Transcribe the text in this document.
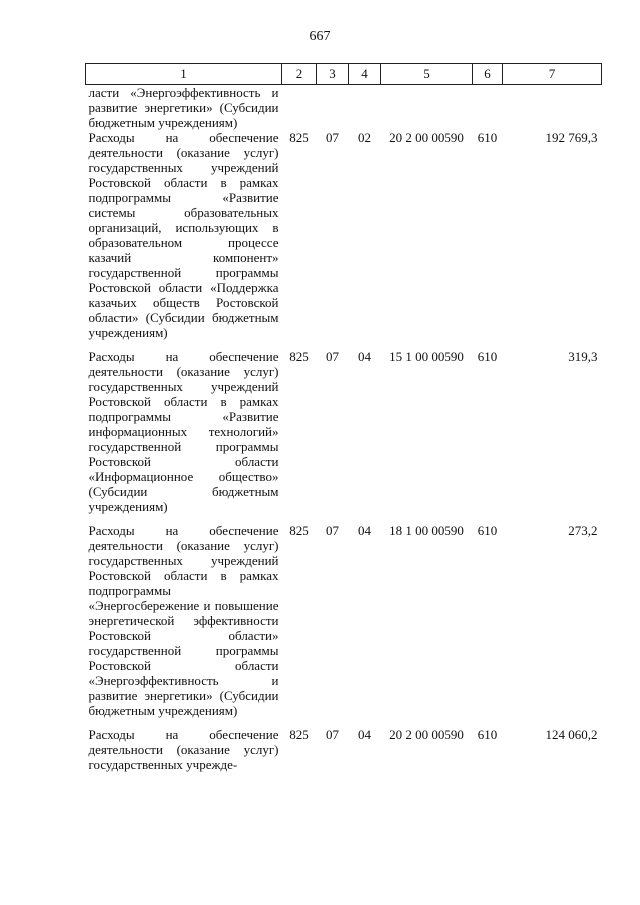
667
1	2	3	4	5	6	7
ласти «Энергоэффективность и развитие энергетики» (Субсидии бюджетным учреждениям)						
Расходы на обеспечение деятельности (оказание услуг) государственных учреждений Ростовской области в рамках подпрограммы «Развитие системы образовательных организаций, использующих в образовательном процессе казачий компонент» государственной программы Ростовской области «Поддержка казачьих обществ Ростовской области» (Субсидии бюджетным учреждениям)	825	07	02	20 2 00 00590	610	192 769,3
Расходы на обеспечение деятельности (оказание услуг) государственных учреждений Ростовской области в рамках подпрограммы «Развитие информационных технологий» государственной программы Ростовской области «Информационное общество» (Субсидии бюджетным учреждениям)	825	07	04	15 1 00 00590	610	319,3
Расходы на обеспечение деятельности (оказание услуг) государственных учреждений Ростовской области в рамках подпрограммы «Энергосбережение и повышение энергетической эффективности Ростовской области» государственной программы Ростовской области «Энергоэффективность и развитие энергетики» (Субсидии бюджетным учреждениям)	825	07	04	18 1 00 00590	610	273,2
Расходы на обеспечение деятельности (оказание услуг) государственных учрежде-	825	07	04	20 2 00 00590	610	124 060,2
